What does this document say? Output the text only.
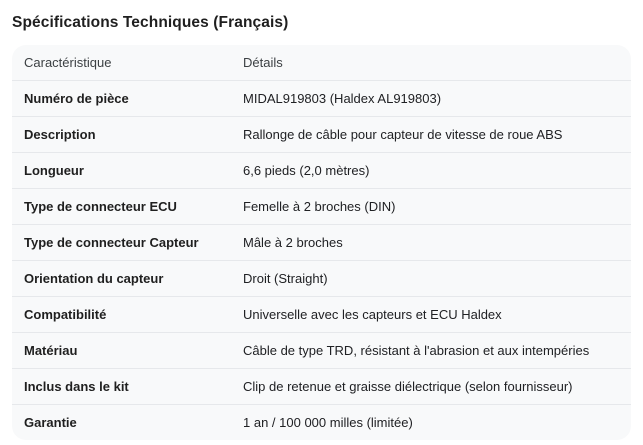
Spécifications Techniques (Français)
Caractéristique	Détails
Numéro de pièce	MIDAL919803 (Haldex AL919803)
Description	Rallonge de câble pour capteur de vitesse de roue ABS
Longueur	6,6 pieds (2,0 mètres)
Type de connecteur ECU	Femelle à 2 broches (DIN)
Type de connecteur Capteur	Mâle à 2 broches
Orientation du capteur	Droit (Straight)
Compatibilité	Universelle avec les capteurs et ECU Haldex
Matériau	Câble de type TRD, résistant à l'abrasion et aux intempéries
Inclus dans le kit	Clip de retenue et graisse diélectrique (selon fournisseur)
Garantie	1 an / 100 000 milles (limitée)
